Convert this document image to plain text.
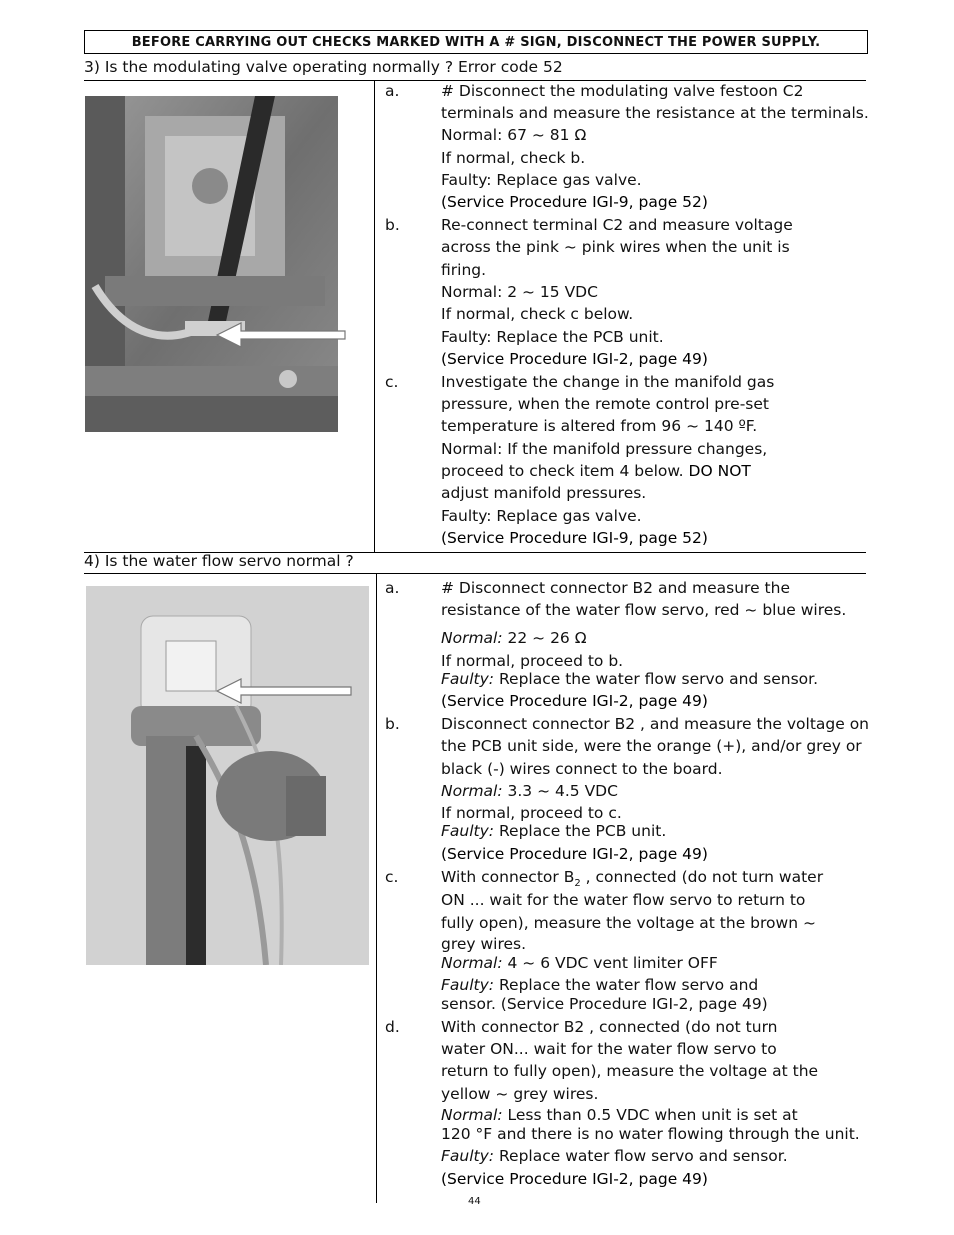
BEFORE CARRYING OUT CHECKS MARKED WITH A # SIGN, DISCONNECT THE POWER SUPPLY.
3) Is the modulating valve operating normally ? Error code 52
a.	# Disconnect the modulating valve festoon C2
terminals and measure the resistance at the terminals.
Normal: 67 ~ 81 Ω
If normal, check b.
Faulty: Replace gas valve.
(Service Procedure IGI-9, page 52)
b.	Re-connect terminal C2 and measure voltage
across the pink ~ pink wires when the unit is
firing.
Normal: 2 ~ 15 VDC
If normal, check c below.
Faulty: Replace the PCB unit.
(Service Procedure IGI-2, page 49)
c.	Investigate the change in the manifold gas
pressure, when the remote control pre-set
temperature is altered from 96 ~ 140 ºF.
Normal: If the manifold pressure changes,
proceed to check item 4 below. DO NOT
adjust manifold pressures.
Faulty: Replace gas valve.
(Service Procedure IGI-9, page 52)
4) Is the water flow servo normal ?
a.	# Disconnect connector B2 and measure the
resistance of the water flow servo, red ~ blue wires.
Normal: 22 ~ 26 Ω
If normal, proceed to b.
Faulty: Replace the water flow servo and sensor.
(Service Procedure IGI-2, page 49)
b.	Disconnect connector B2 , and measure the voltage on
the PCB unit side, were the orange (+), and/or grey or
black (-) wires connect to the board.
Normal: 3.3 ~ 4.5 VDC
If normal, proceed to c.
Faulty: Replace the PCB unit.
(Service Procedure IGI-2, page 49)
c.	With connector $B_2$ , connected (do not turn water
ON ... wait for the water flow servo to return to
fully open), measure the voltage at the brown ~
grey wires.
Normal: 4 ~ 6 VDC vent limiter OFF
Faulty: Replace the water flow servo and
sensor. (Service Procedure IGI-2, page 49)
d.	With connector B2 , connected (do not turn
water ON... wait for the water flow servo to
return to fully open), measure the voltage at the
yellow ~ grey wires.
Normal: Less than 0.5 VDC when unit is set at
120 °F and there is no water flowing through the unit.
Faulty: Replace water flow servo and sensor.
(Service Procedure IGI-2, page 49)
44
